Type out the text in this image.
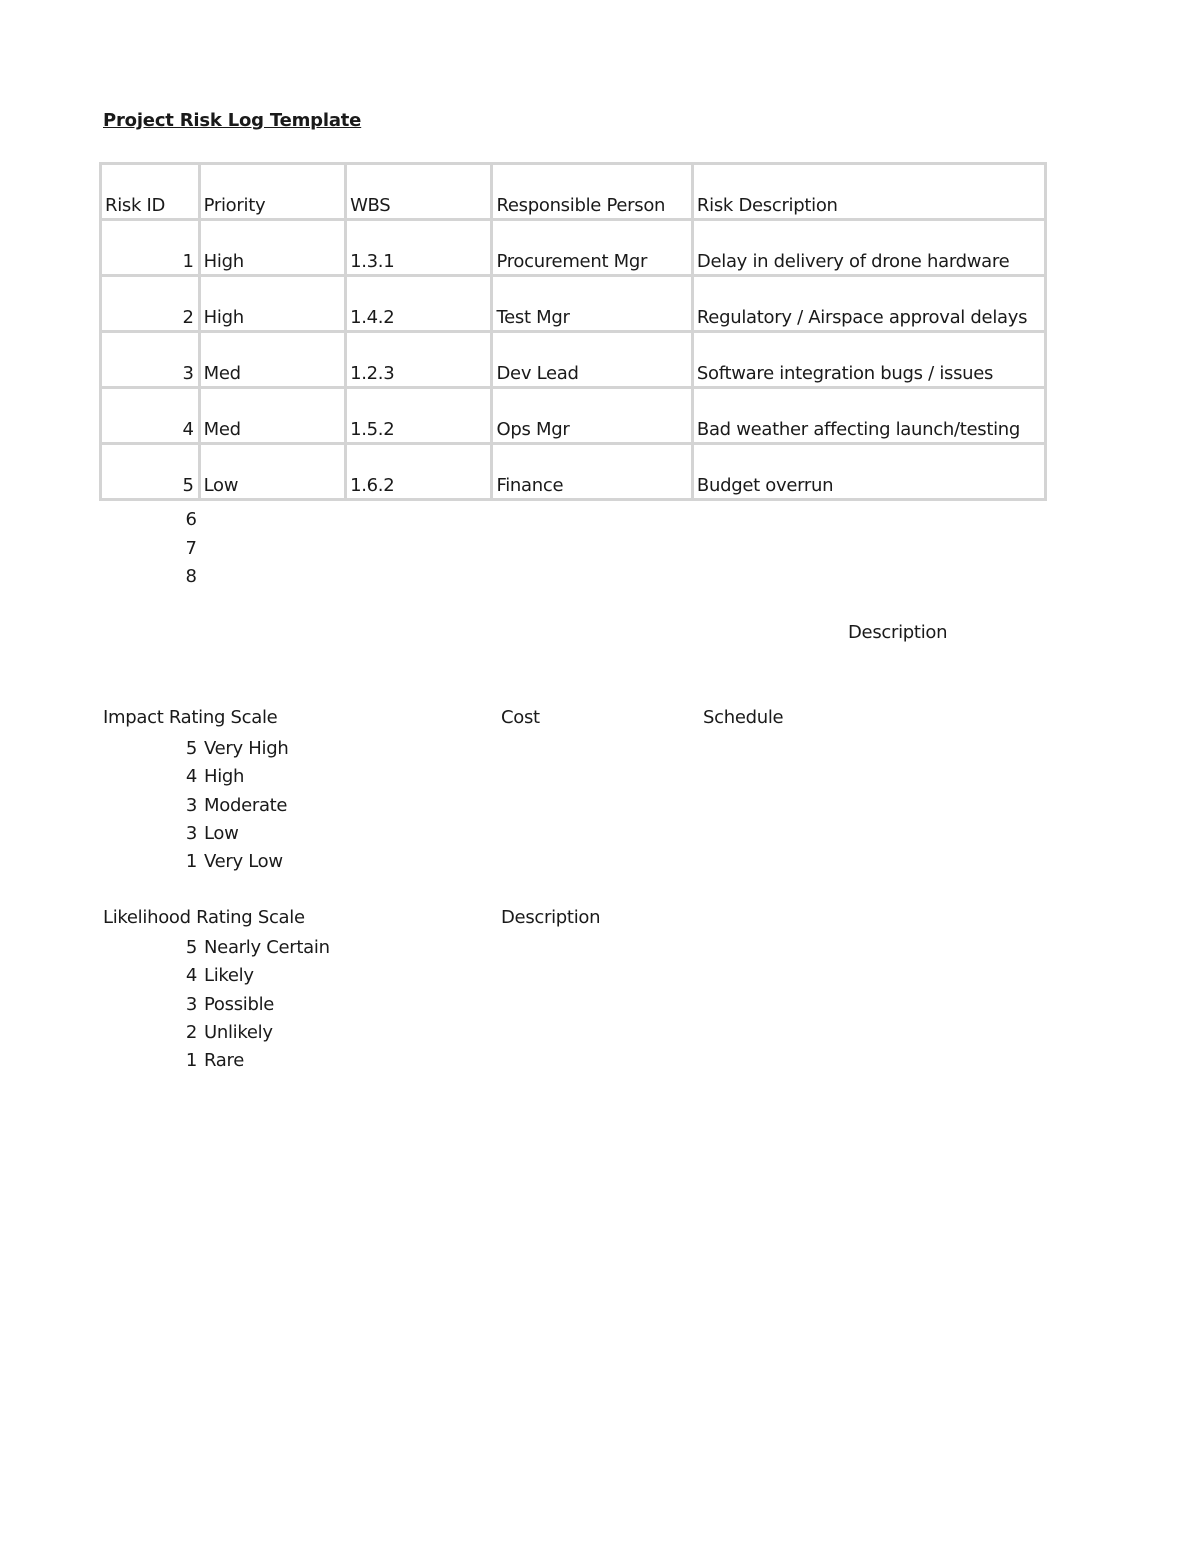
Project Risk Log Template
Risk ID	Priority	WBS	Responsible Person	Risk Description
1	High	1.3.1	Procurement Mgr	Delay in delivery of drone hardware
2	High	1.4.2	Test Mgr	Regulatory / Airspace approval delays
3	Med	1.2.3	Dev Lead	Software integration bugs / issues
4	Med	1.5.2	Ops Mgr	Bad weather affecting launch/testing
5	Low	1.6.2	Finance	Budget overrun
6
7
8
Description
Impact Rating Scale	Cost	Schedule
5 Very High
4 High
3 Moderate
3 Low
1 Very Low
Likelihood Rating Scale	Description
5 Nearly Certain
4 Likely
3 Possible
2 Unlikely
1 Rare
